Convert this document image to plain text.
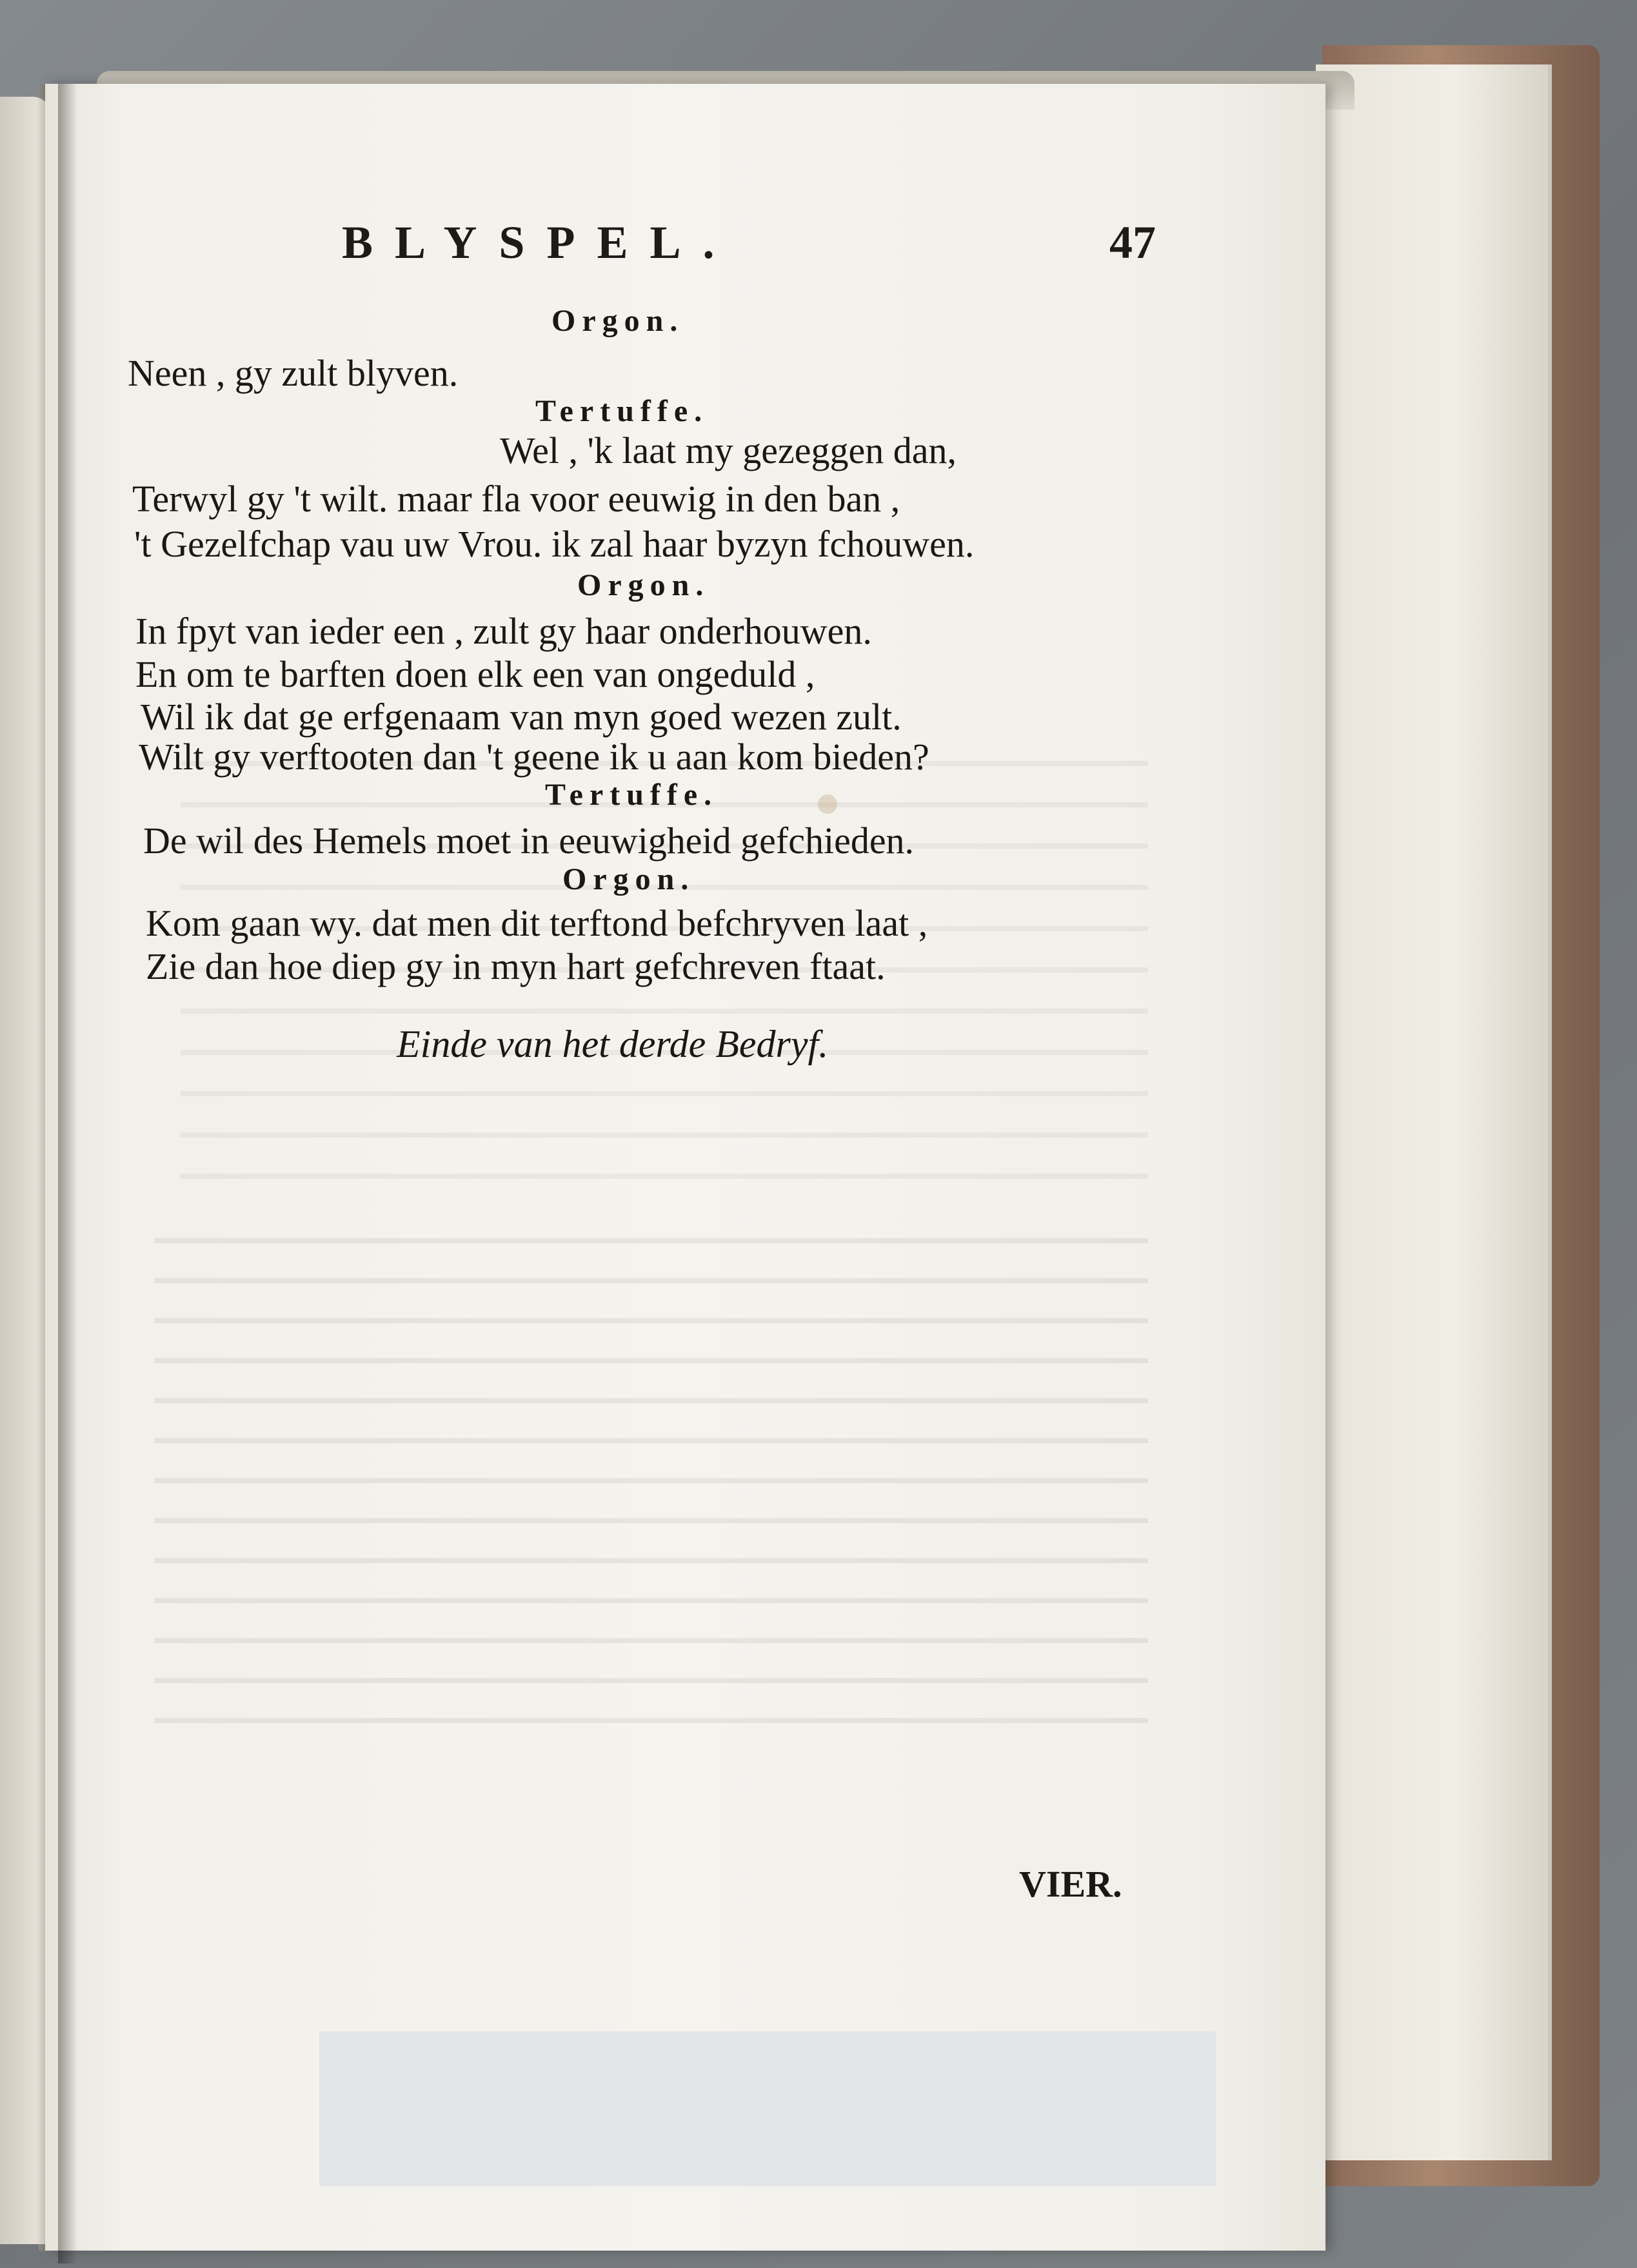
BLYSPEL.	47
Orgon.
Neen , gy zult blyven.
Tertuffe.
Wel , 'k laat my gezeggen dan,
Terwyl gy 't wilt. maar fla voor eeuwig in den ban ,
't Gezelfchap vau uw Vrou. ik zal haar byzyn fchouwen.
Orgon.
In fpyt van ieder een , zult gy haar onderhouwen.
En om te barften doen elk een van ongeduld ,
Wil ik dat ge erfgenaam van myn goed wezen zult.
Wilt gy verftooten dan 't geene ik u aan kom bieden?
Tertuffe.
De wil des Hemels moet in eeuwigheid gefchieden.
Orgon.
Kom gaan wy. dat men dit terftond befchryven laat ,
Zie dan hoe diep gy in myn hart gefchreven ftaat.
Einde van het derde Bedryf.
VIER.
